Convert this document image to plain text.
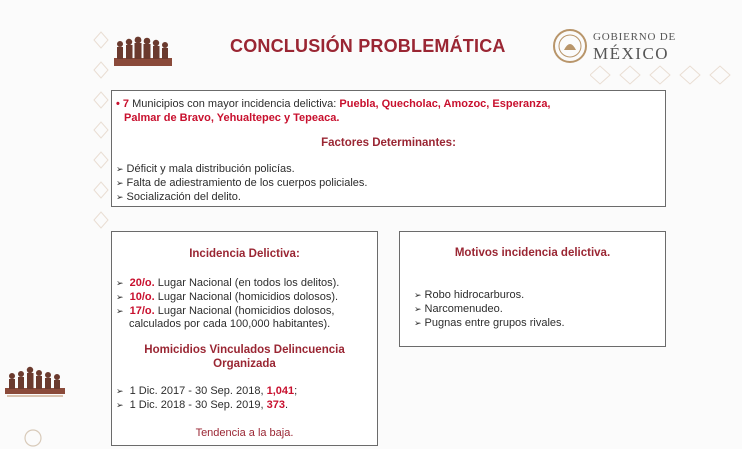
CONCLUSIÓN PROBLEMÁTICA	GOBIERNO DE
MÉXICO
• 7 Municipios con mayor incidencia delictiva: Puebla, Quecholac, Amozoc, Esperanza,
Palmar de Bravo, Yehualtepec y Tepeaca.
Factores Determinantes:
➢ Déficit y mala distribución policías.
➢ Falta de adiestramiento de los cuerpos policiales.
➢ Socialización del delito.
Incidencia Delictiva:
➢ 20/o. Lugar Nacional (en todos los delitos).
➢ 10/o. Lugar Nacional (homicidios dolosos).
➢ 17/o. Lugar Nacional (homicidios dolosos,
calculados por cada 100,000 habitantes).
Homicidios Vinculados Delincuencia
Organizada
➢ 1 Dic. 2017 - 30 Sep. 2018, 1,041;
➢ 1 Dic. 2018 - 30 Sep. 2019, 373.
Tendencia a la baja.
Motivos incidencia delictiva.
➢ Robo hidrocarburos.
➢ Narcomenudeo.
➢ Pugnas entre grupos rivales.
